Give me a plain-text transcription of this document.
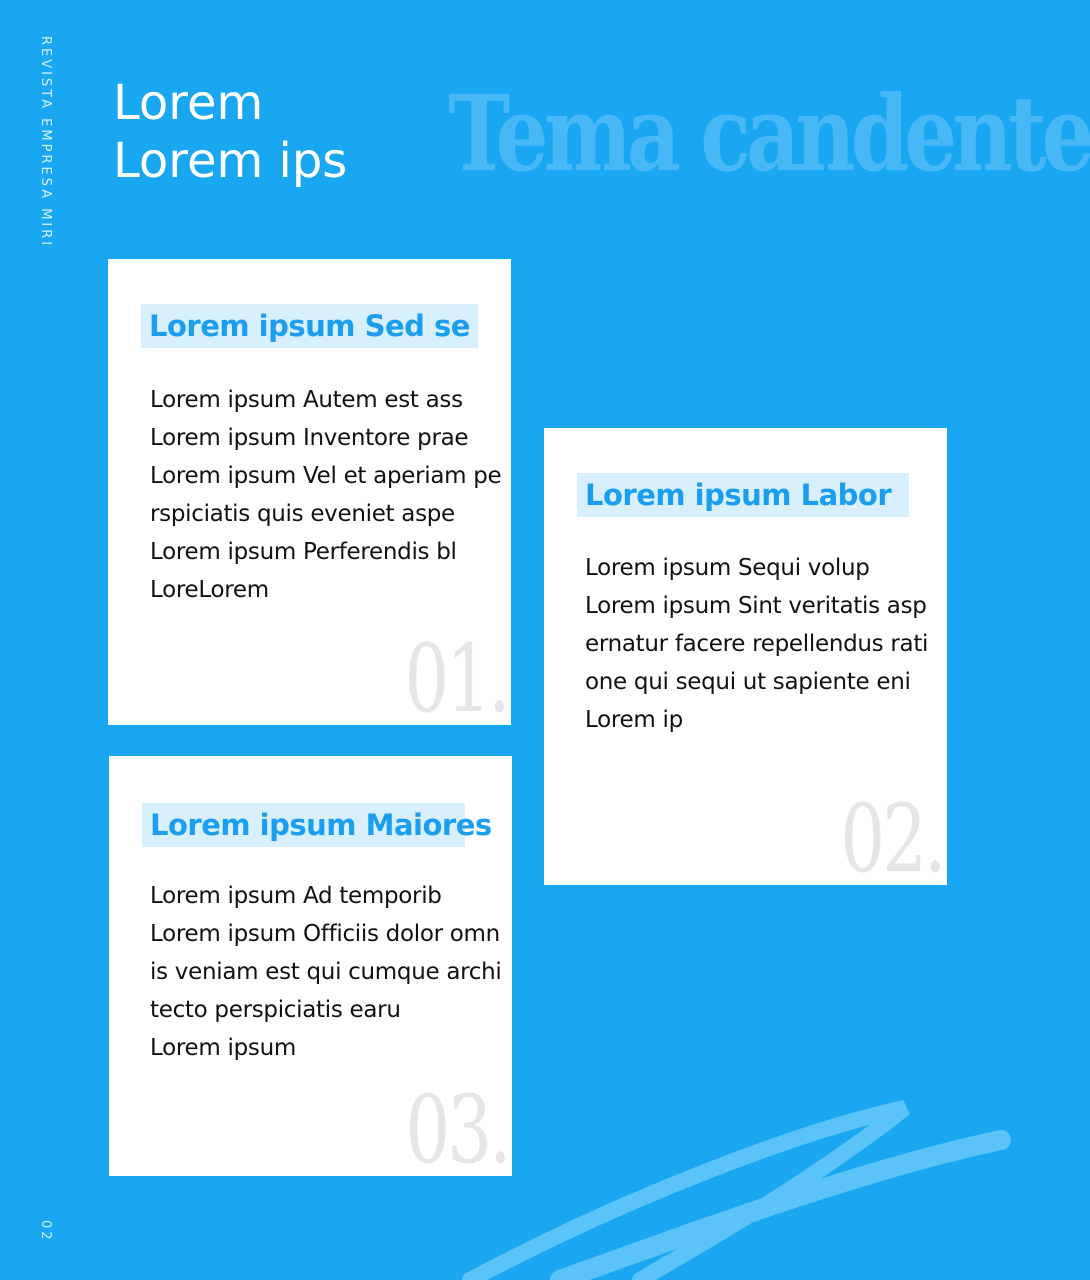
REVISTA EMPRESA MIRI
02
Tema candente
Lorem
Lorem ips
Lorem ipsum Sed se
Lorem ipsum Autem est ass
Lorem ipsum Inventore prae
Lorem ipsum Vel et aperiam pe
rspiciatis quis eveniet aspe
Lorem ipsum Perferendis bl
LoreLorem
01.
Lorem ipsum Labor
Lorem ipsum Sequi volup
Lorem ipsum Sint veritatis asp
ernatur facere repellendus rati
one qui sequi ut sapiente eni
Lorem ip
02.
Lorem ipsum Maiores
Lorem ipsum Ad temporib
Lorem ipsum Officiis dolor omn
is veniam est qui cumque archi
tecto perspiciatis earu
Lorem ipsum
03.
